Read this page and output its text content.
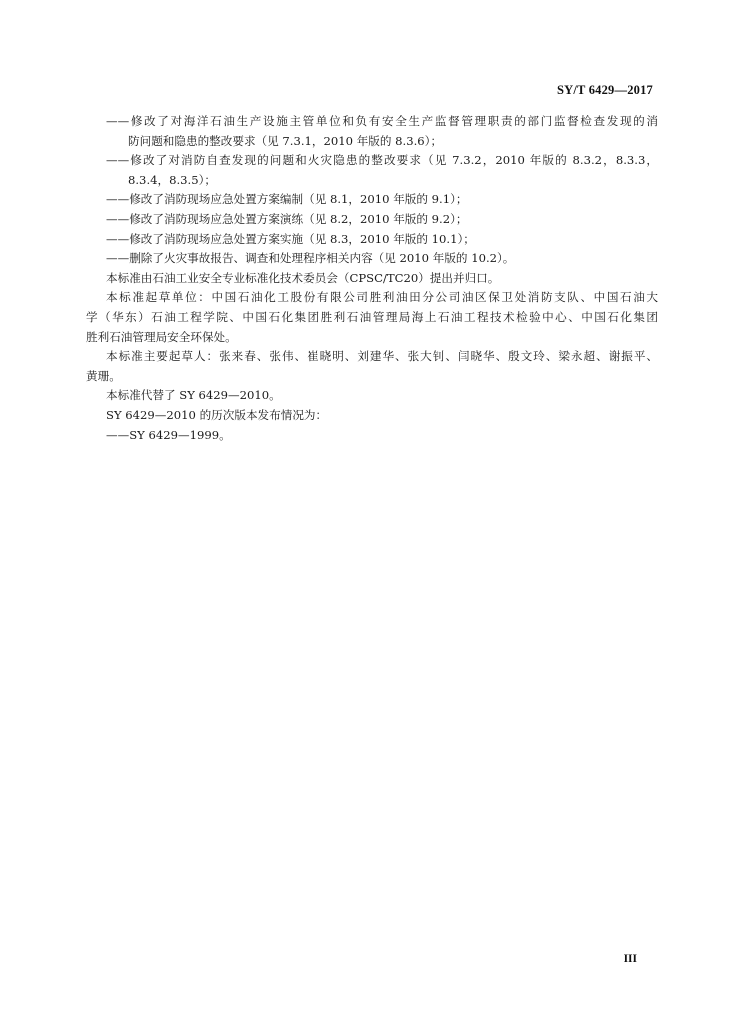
SY/T 6429—2017
——修改了对海洋石油生产设施主管单位和负有安全生产监督管理职责的部门监督检查发现的消
防问题和隐患的整改要求（见 7.3.1，2010 年版的 8.3.6）；
——修改了对消防自查发现的问题和火灾隐患的整改要求（见 7.3.2，2010 年版的 8.3.2，8.3.3，
8.3.4，8.3.5）；
——修改了消防现场应急处置方案编制（见 8.1，2010 年版的 9.1）；
——修改了消防现场应急处置方案演练（见 8.2，2010 年版的 9.2）；
——修改了消防现场应急处置方案实施（见 8.3，2010 年版的 10.1）；
——删除了火灾事故报告、调查和处理程序相关内容（见 2010 年版的 10.2）。
本标准由石油工业安全专业标准化技术委员会（CPSC/TC20）提出并归口。
本标准起草单位：中国石油化工股份有限公司胜利油田分公司油区保卫处消防支队、中国石油大
学（华东）石油工程学院、中国石化集团胜利石油管理局海上石油工程技术检验中心、中国石化集团
胜利石油管理局安全环保处。
本标准主要起草人：张来春、张伟、崔晓明、刘建华、张大钊、闫晓华、殷文玲、梁永超、谢振平、
黄珊。
本标准代替了 SY 6429—2010。
SY 6429—2010 的历次版本发布情况为：
——SY 6429—1999。
III
